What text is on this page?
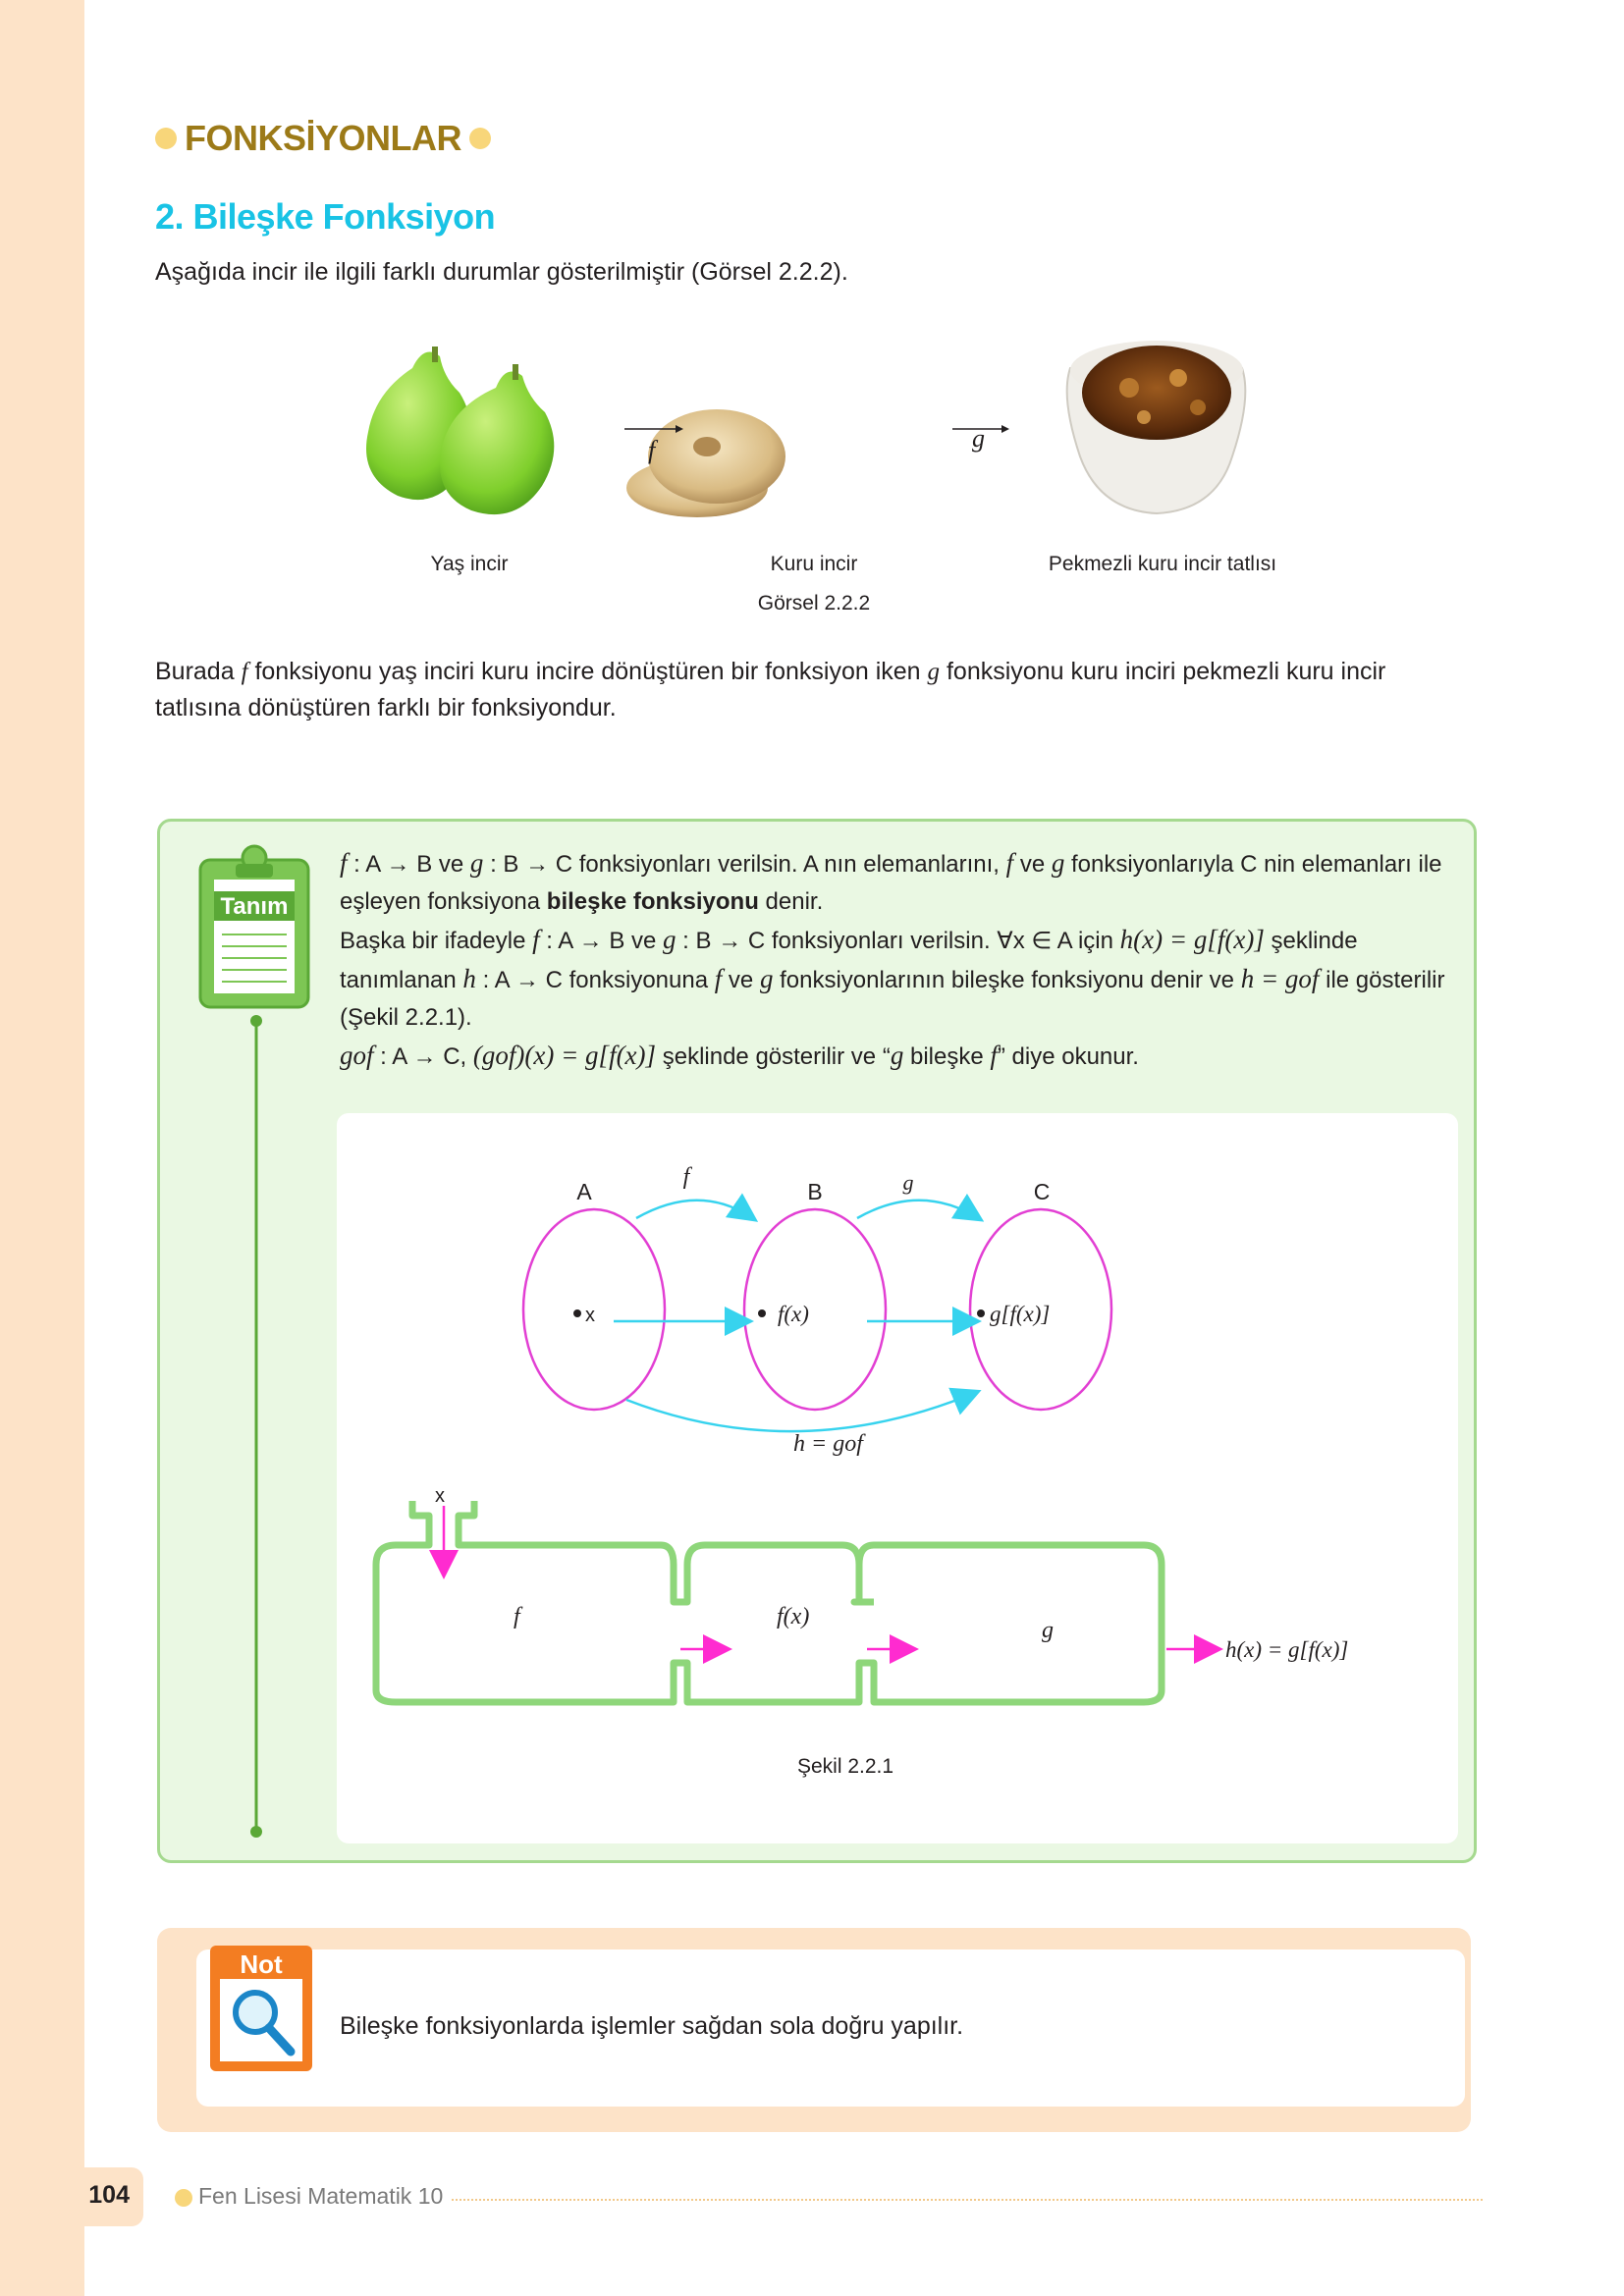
FONKSİYONLAR
2. Bileşke Fonksiyon
Aşağıda incir ile ilgili farklı durumlar gösterilmiştir (Görsel 2.2.2).
f	g
Yaş incir	Kuru incir	Pekmezli kuru incir tatlısı
Görsel 2.2.2
Burada f fonksiyonu yaş inciri kuru incire dönüştüren bir fonksiyon iken g fonksiyonu kuru inciri pekmezli kuru incir tatlısına dönüştüren farklı bir fonksiyondur.
Tanım
f : A → B ve g : B → C fonksiyonları verilsin. A nın elemanlarını, f ve g fonksiyonlarıyla C nin elemanları ile eşleyen fonksiyona bileşke fonksiyonu denir.
Başka bir ifadeyle f : A → B ve g : B → C fonksiyonları verilsin. ∀x ∈ A için h(x) = g[f(x)] şeklinde tanımlanan h : A → C fonksiyonuna f ve g fonksiyonlarının bileşke fonksiyonu denir ve h = gof ile gösterilir (Şekil 2.2.1).
gof : A → C, (gof)(x) = g[f(x)] şeklinde gösterilir ve “g bileşke f” diye okunur.
A	B	C
f	g
x	f(x)	g[f(x)]
h = gof
x
f	f(x)
g
h(x) = g[f(x)]
Şekil 2.2.1
Not
Bileşke fonksiyonlarda işlemler sağdan sola doğru yapılır.
104	Fen Lisesi Matematik 10
